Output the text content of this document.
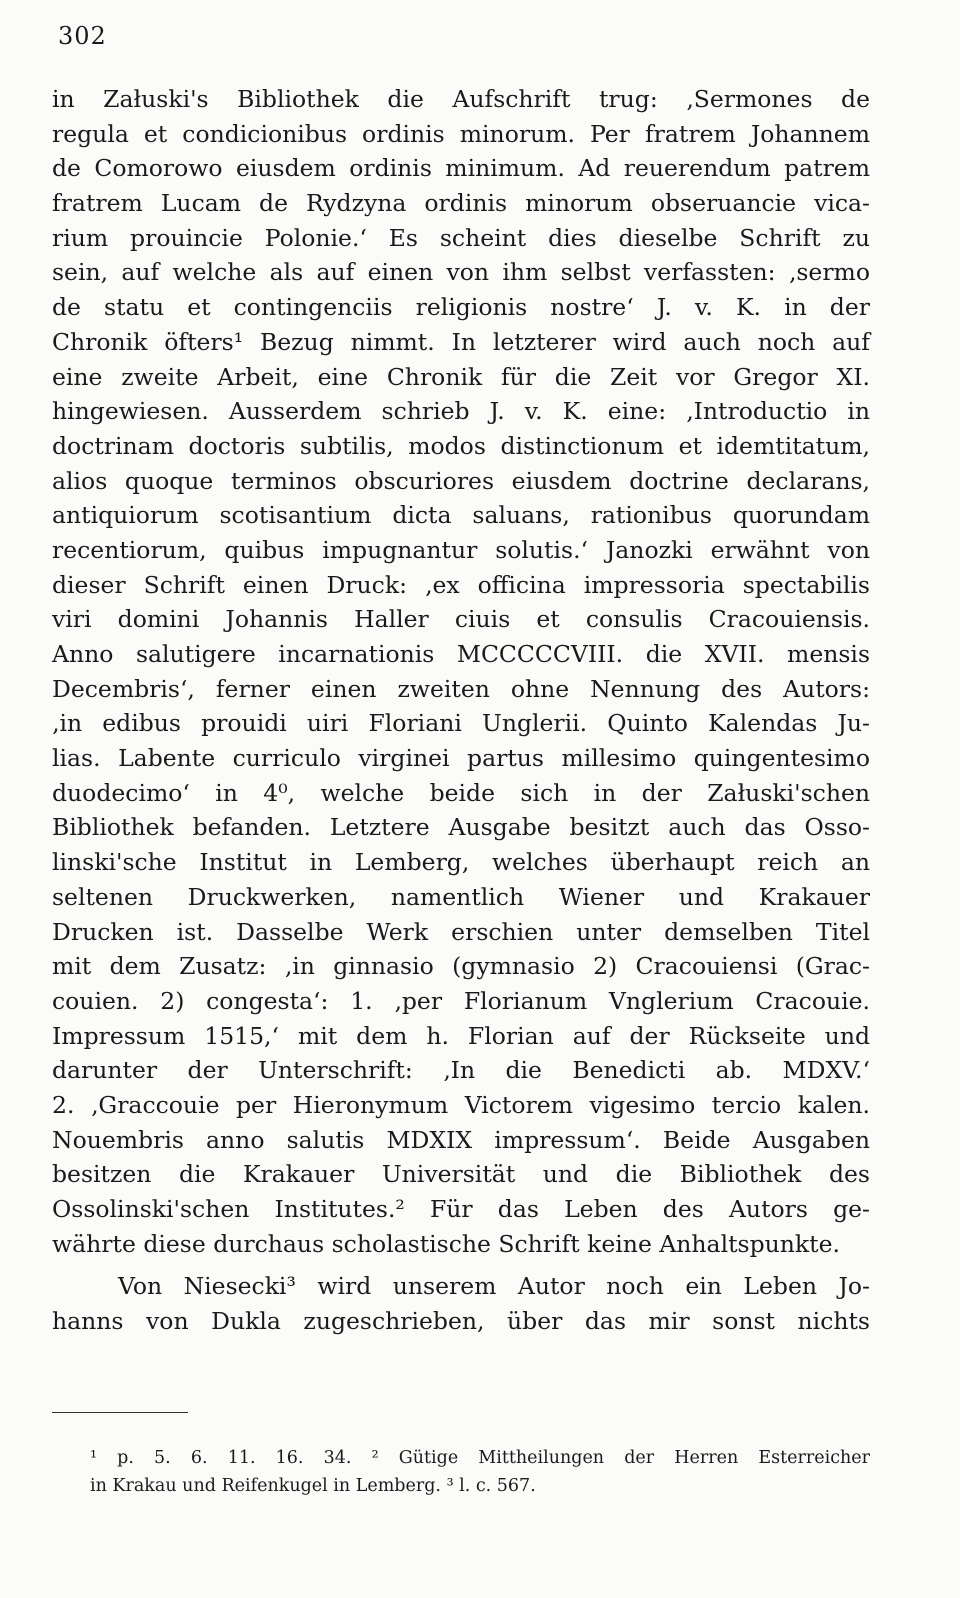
302
in Załuski's Bibliothek die Aufschrift trug: ‚Sermones de
regula et condicionibus ordinis minorum. Per fratrem Johannem
de Comorowo eiusdem ordinis minimum. Ad reuerendum patrem
fratrem Lucam de Rydzyna ordinis minorum obseruancie vica-
rium prouincie Polonie.‘ Es scheint dies dieselbe Schrift zu
sein, auf welche als auf einen von ihm selbst verfassten: ‚sermo
de statu et contingenciis religionis nostre‘ J. v. K. in der
Chronik öfters¹ Bezug nimmt. In letzterer wird auch noch auf
eine zweite Arbeit, eine Chronik für die Zeit vor Gregor XI.
hingewiesen. Ausserdem schrieb J. v. K. eine: ‚Introductio in
doctrinam doctoris subtilis, modos distinctionum et idemtitatum,
alios quoque terminos obscuriores eiusdem doctrine declarans,
antiquiorum scotisantium dicta saluans, rationibus quorundam
recentiorum, quibus impugnantur solutis.‘ Janozki erwähnt von
dieser Schrift einen Druck: ‚ex officina impressoria spectabilis
viri domini Johannis Haller ciuis et consulis Cracouiensis.
Anno salutigere incarnationis MCCCCCVIII. die XVII. mensis
Decembris‘, ferner einen zweiten ohne Nennung des Autors:
‚in edibus prouidi uiri Floriani Unglerii. Quinto Kalendas Ju-
lias. Labente curriculo virginei partus millesimo quingentesimo
duodecimo‘ in 4⁰, welche beide sich in der Załuski'schen
Bibliothek befanden. Letztere Ausgabe besitzt auch das Osso-
linski'sche Institut in Lemberg, welches überhaupt reich an
seltenen Druckwerken, namentlich Wiener und Krakauer
Drucken ist. Dasselbe Werk erschien unter demselben Titel
mit dem Zusatz: ‚in ginnasio (gymnasio 2) Cracouiensi (Grac-
couien. 2) congesta‘: 1. ‚per Florianum Vnglerium Cracouie.
Impressum 1515,‘ mit dem h. Florian auf der Rückseite und
darunter der Unterschrift: ‚In die Benedicti ab. MDXV.‘
2. ‚Graccouie per Hieronymum Victorem vigesimo tercio kalen.
Nouembris anno salutis MDXIX impressum‘. Beide Ausgaben
besitzen die Krakauer Universität und die Bibliothek des
Ossolinski'schen Institutes.² Für das Leben des Autors ge-
währte diese durchaus scholastische Schrift keine Anhaltspunkte.
Von Niesecki³ wird unserem Autor noch ein Leben Jo-
hanns von Dukla zugeschrieben, über das mir sonst nichts
¹ p. 5. 6. 11. 16. 34. ² Gütige Mittheilungen der Herren Esterreicher
in Krakau und Reifenkugel in Lemberg. ³ l. c. 567.
